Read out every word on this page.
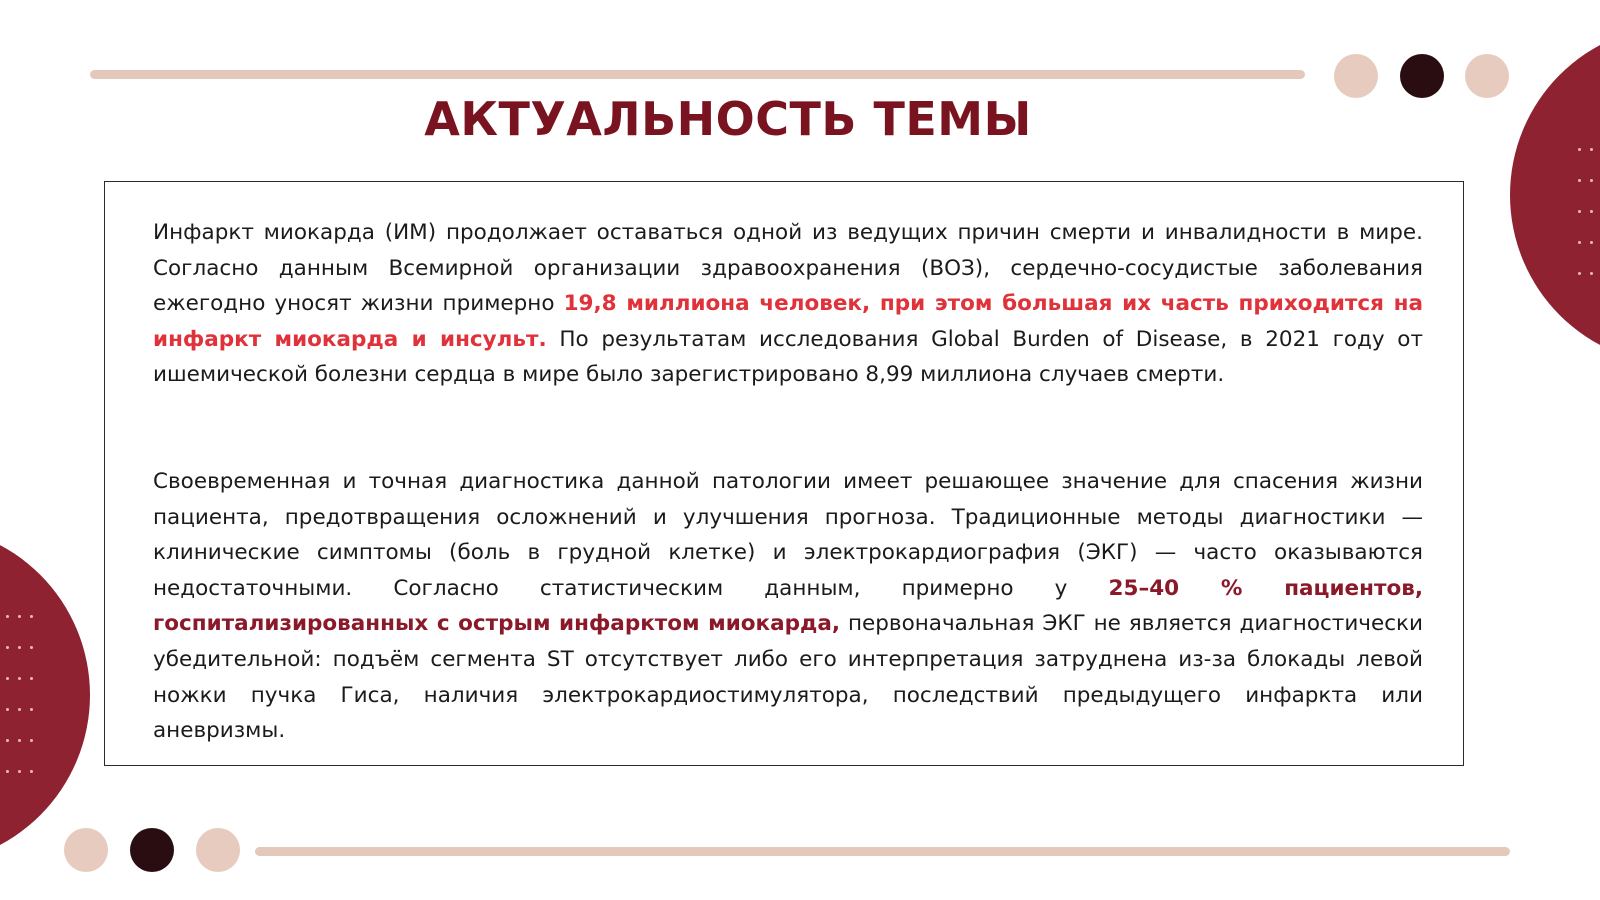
АКТУАЛЬНОСТЬ ТЕМЫ

Инфаркт миокарда (ИМ) продолжает оставаться одной из ведущих причин смерти и инвалидности в мире. Согласно данным Всемирной организации здравоохранения (ВОЗ), сердечно-сосудистые заболевания ежегодно уносят жизни примерно 19,8 миллиона человек, при этом большая их часть приходится на инфаркт миокарда и инсульт. По результатам исследования Global Burden of Disease, в 2021 году от ишемической болезни сердца в мире было зарегистрировано 8,99 миллиона случаев смерти.

Своевременная и точная диагностика данной патологии имеет решающее значение для спасения жизни пациента, предотвращения осложнений и улучшения прогноза. Традиционные методы диагностики — клинические симптомы (боль в грудной клетке) и электрокардиография (ЭКГ) — часто оказываются недостаточными. Согласно статистическим данным, примерно у 25–40 % пациентов, госпитализированных с острым инфарктом миокарда, первоначальная ЭКГ не является диагностически убедительной: подъём сегмента ST отсутствует либо его интерпретация затруднена из-за блокады левой ножки пучка Гиса, наличия электрокардиостимулятора, последствий предыдущего инфаркта или аневризмы.
